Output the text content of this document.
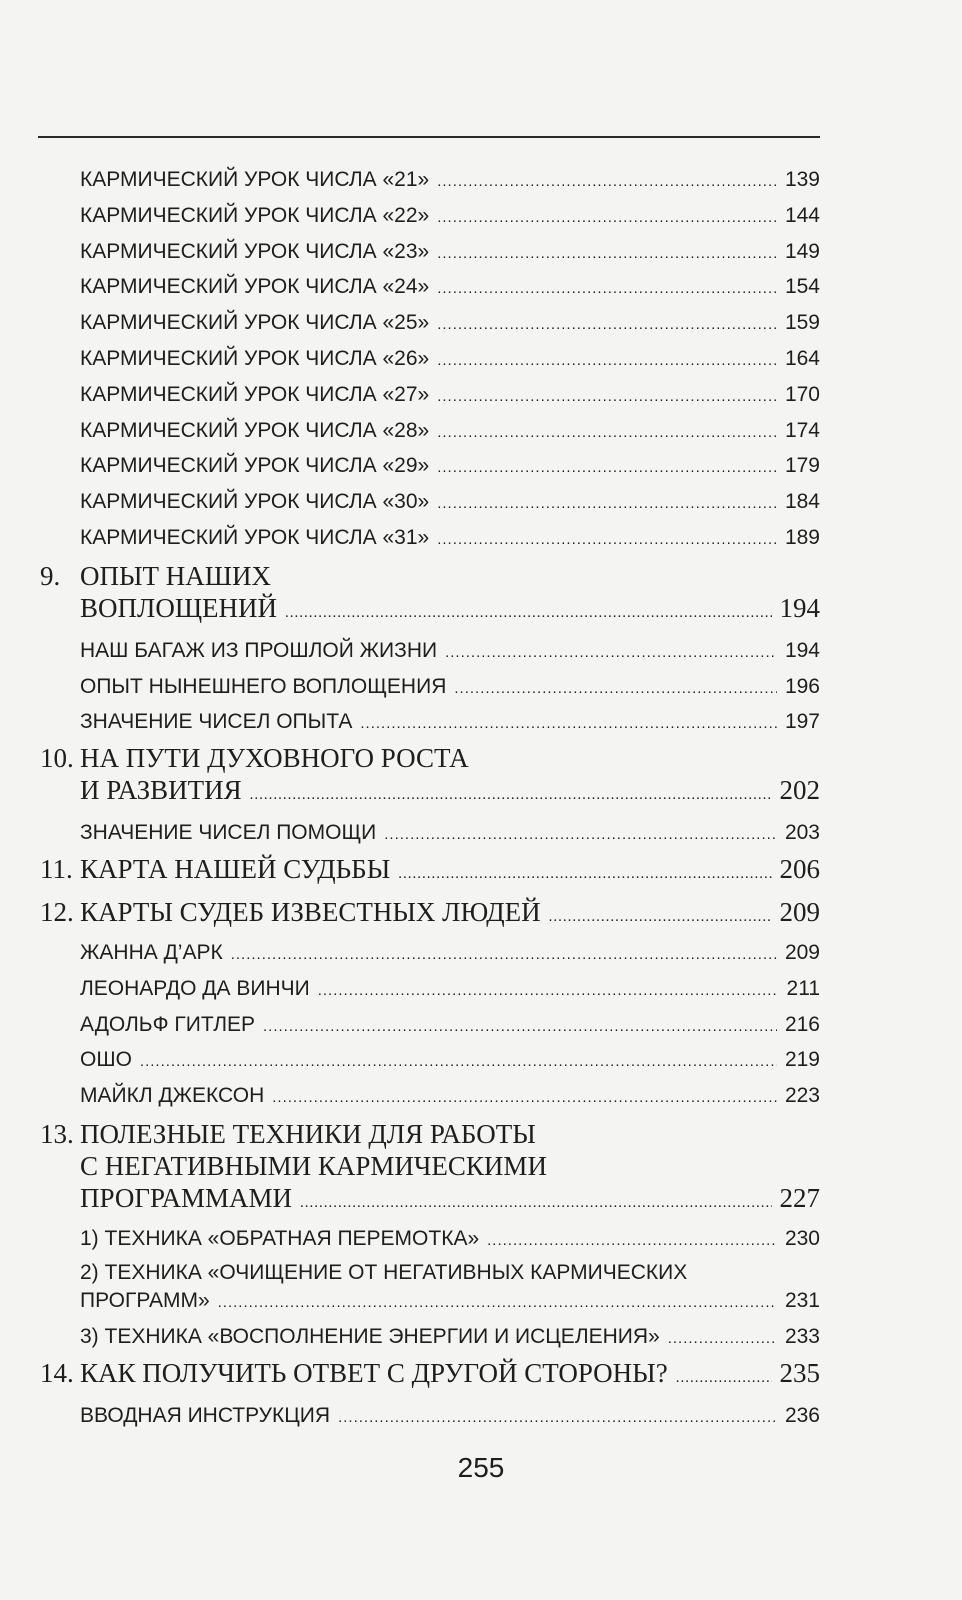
КАРМИЧЕСКИЙ УРОК ЧИСЛА «21» .....	139
КАРМИЧЕСКИЙ УРОК ЧИСЛА «22» .....	144
КАРМИЧЕСКИЙ УРОК ЧИСЛА «23» .....	149
КАРМИЧЕСКИЙ УРОК ЧИСЛА «24» .....	154
КАРМИЧЕСКИЙ УРОК ЧИСЛА «25» .....	159
КАРМИЧЕСКИЙ УРОК ЧИСЛА «26» .....	164
КАРМИЧЕСКИЙ УРОК ЧИСЛА «27» .....	170
КАРМИЧЕСКИЙ УРОК ЧИСЛА «28» .....	174
КАРМИЧЕСКИЙ УРОК ЧИСЛА «29» .....	179
КАРМИЧЕСКИЙ УРОК ЧИСЛА «30» .....	184
КАРМИЧЕСКИЙ УРОК ЧИСЛА «31» .....	189
9. ОПЫТ НАШИХ
ВОПЛОЩЕНИЙ .....	194
НАШ БАГАЖ ИЗ ПРОШЛОЙ ЖИЗНИ .....	194
ОПЫТ НЫНЕШНЕГО ВОПЛОЩЕНИЯ .....	196
ЗНАЧЕНИЕ ЧИСЕЛ ОПЫТА .....	197
10. НА ПУТИ ДУХОВНОГО РОСТА
И РАЗВИТИЯ .....	202
ЗНАЧЕНИЕ ЧИСЕЛ ПОМОЩИ .....	203
11. КАРТА НАШЕЙ СУДЬБЫ .....	206
12. КАРТЫ СУДЕБ ИЗВЕСТНЫХ ЛЮДЕЙ .....	209
ЖАННА Д’АРК .....	209
ЛЕОНАРДО ДА ВИНЧИ .....	211
АДОЛЬФ ГИТЛЕР .....	216
ОШО .....	219
МАЙКЛ ДЖЕКСОН .....	223
13. ПОЛЕЗНЫЕ ТЕХНИКИ ДЛЯ РАБОТЫ
С НЕГАТИВНЫМИ КАРМИЧЕСКИМИ
ПРОГРАММАМИ .....	227
1) ТЕХНИКА «ОБРАТНАЯ ПЕРЕМОТКА» .....	230
2) ТЕХНИКА «ОЧИЩЕНИЕ ОТ НЕГАТИВНЫХ КАРМИЧЕСКИХ
ПРОГРАММ» .....	231
3) ТЕХНИКА «ВОСПОЛНЕНИЕ ЭНЕРГИИ И ИСЦЕЛЕНИЯ» .....	233
14. КАК ПОЛУЧИТЬ ОТВЕТ С ДРУГОЙ СТОРОНЫ? .....	235
ВВОДНАЯ ИНСТРУКЦИЯ .....	236
255
